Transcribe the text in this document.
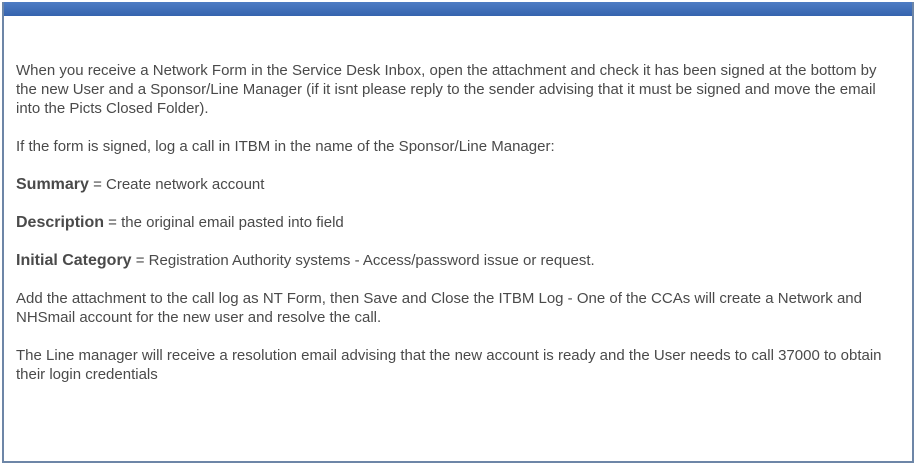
When you receive a Network Form in the Service Desk Inbox, open the attachment and check it has been signed at the bottom by the new User and a Sponsor/Line Manager (if it isnt please reply to the sender advising that it must be signed and move the email into the Picts Closed Folder).

If the form is signed, log a call in ITBM in the name of the Sponsor/Line Manager:

Summary = Create network account

Description = the original email pasted into field

Initial Category = Registration Authority systems - Access/password issue or request.

Add the attachment to the call log as NT Form, then Save and Close the ITBM Log - One of the CCAs will create a Network and NHSmail account for the new user and resolve the call.

The Line manager will receive a resolution email advising that the new account is ready and the User needs to call 37000 to obtain their login credentials
